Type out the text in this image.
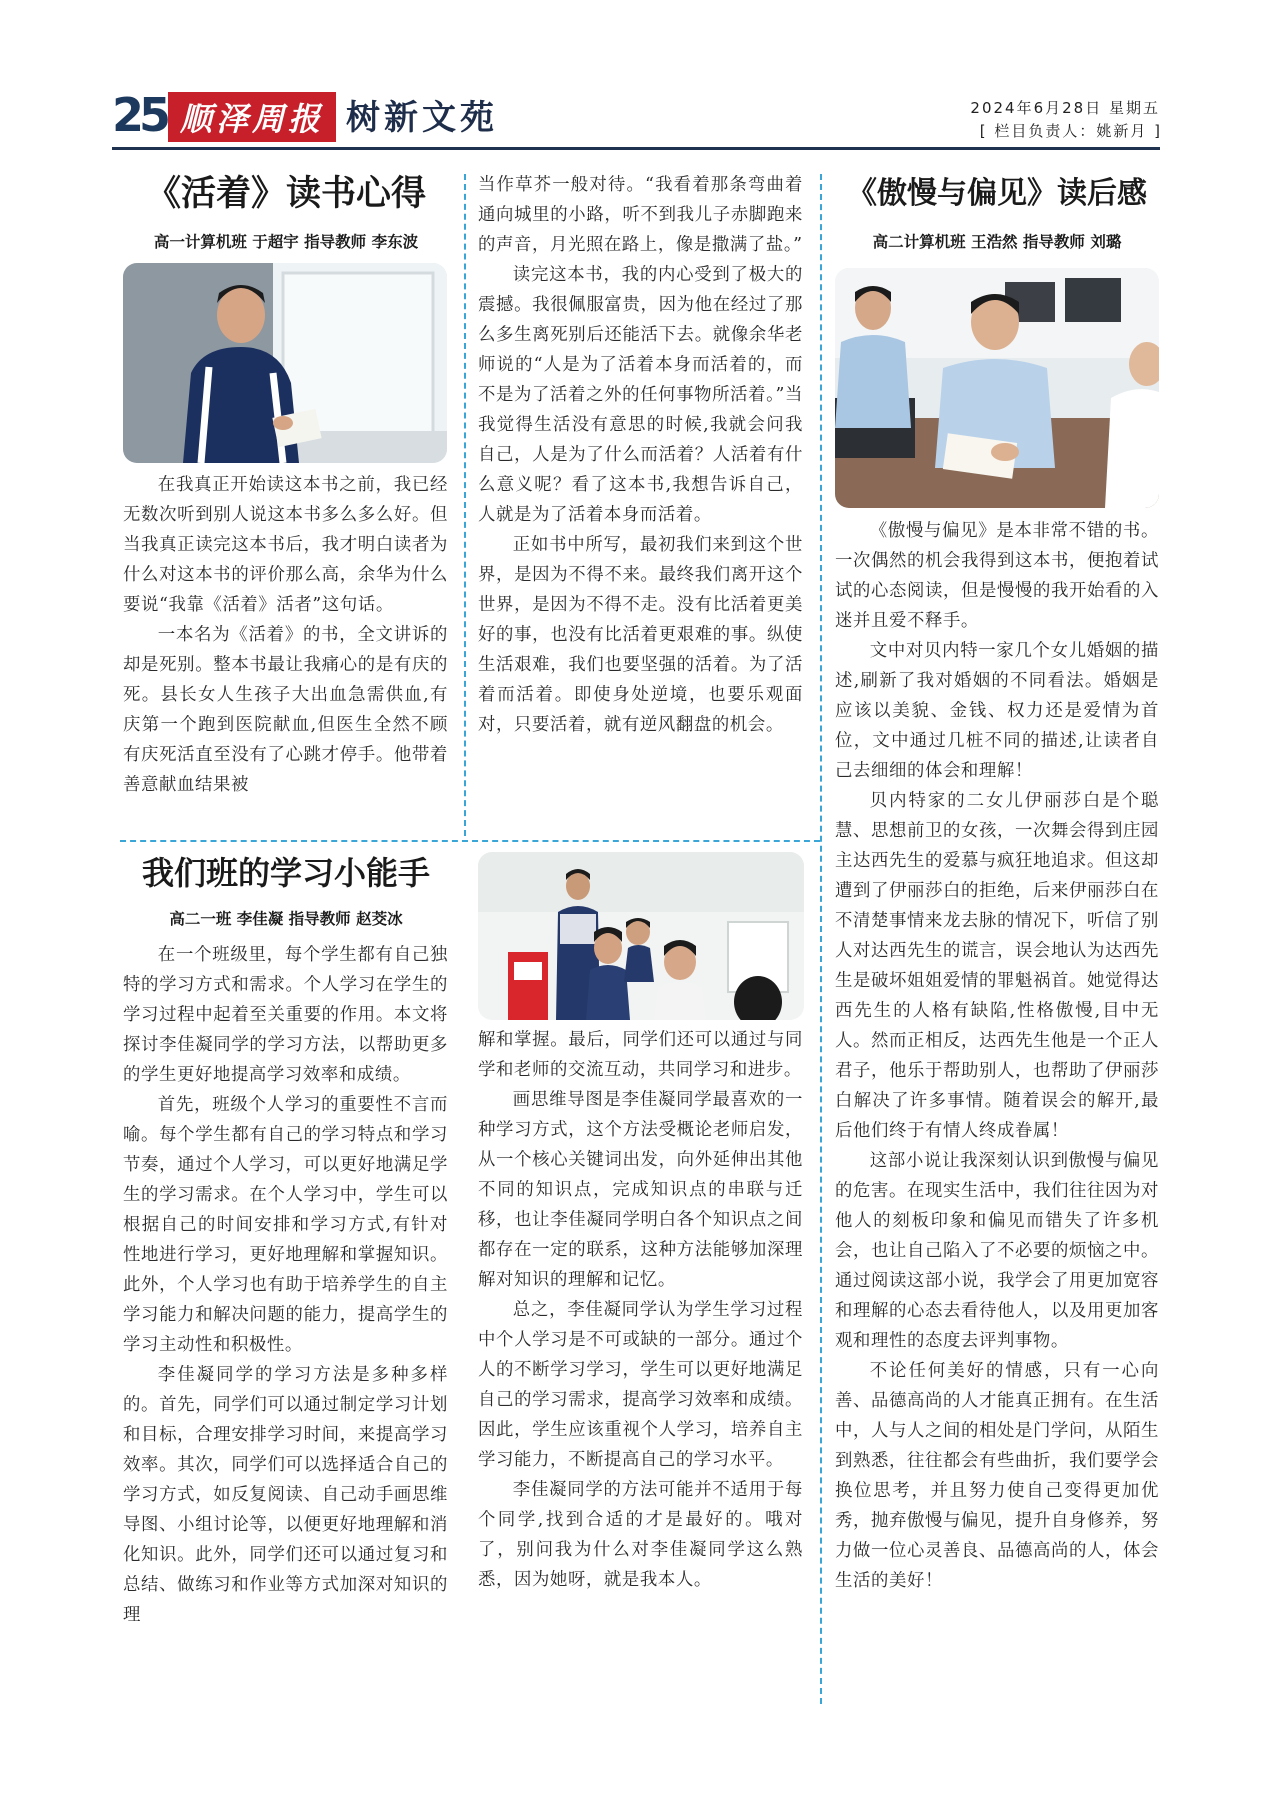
25 顺泽周报 树新文苑	2024年6月28日 星期五
[ 栏目负责人：姚新月 ]
《活着》读书心得
高一计算机班 于超宇 指导教师 李东波

在我真正开始读这本书之前，我已经无数次听到别人说这本书多么多么好。但当我真正读完这本书后，我才明白读者为什么对这本书的评价那么高，余华为什么要说“我靠《活着》活者”这句话。

一本名为《活着》的书，全文讲诉的却是死别。整本书最让我痛心的是有庆的死。县长女人生孩子大出血急需供血,有庆第一个跑到医院献血,但医生全然不顾有庆死活直至没有了心跳才停手。他带着善意献血结果被

当作草芥一般对待。“我看着那条弯曲着通向城里的小路，听不到我儿子赤脚跑来的声音，月光照在路上，像是撒满了盐。”

读完这本书，我的内心受到了极大的震撼。我很佩服富贵，因为他在经过了那么多生离死别后还能活下去。就像余华老师说的“人是为了活着本身而活着的，而不是为了活着之外的任何事物所活着。”当我觉得生活没有意思的时候,我就会问我自己，人是为了什么而活着？人活着有什么意义呢？看了这本书,我想告诉自己，人就是为了活着本身而活着。

正如书中所写，最初我们来到这个世界，是因为不得不来。最终我们离开这个世界，是因为不得不走。没有比活着更美好的事，也没有比活着更艰难的事。纵使生活艰难，我们也要坚强的活着。为了活着而活着。即使身处逆境，也要乐观面对，只要活着，就有逆风翻盘的机会。

我们班的学习小能手
高二一班 李佳凝 指导教师 赵茭冰

在一个班级里，每个学生都有自己独特的学习方式和需求。个人学习在学生的学习过程中起着至关重要的作用。本文将探讨李佳凝同学的学习方法，以帮助更多的学生更好地提高学习效率和成绩。

首先，班级个人学习的重要性不言而喻。每个学生都有自己的学习特点和学习节奏，通过个人学习，可以更好地满足学生的学习需求。在个人学习中，学生可以根据自己的时间安排和学习方式,有针对性地进行学习，更好地理解和掌握知识。此外，个人学习也有助于培养学生的自主学习能力和解决问题的能力，提高学生的学习主动性和积极性。

李佳凝同学的学习方法是多种多样的。首先，同学们可以通过制定学习计划和目标，合理安排学习时间，来提高学习效率。其次，同学们可以选择适合自己的学习方式，如反复阅读、自己动手画思维导图、小组讨论等，以便更好地理解和消化知识。此外，同学们还可以通过复习和总结、做练习和作业等方式加深对知识的理

解和掌握。最后，同学们还可以通过与同学和老师的交流互动，共同学习和进步。

画思维导图是李佳凝同学最喜欢的一种学习方式，这个方法受概论老师启发，从一个核心关键词出发，向外延伸出其他不同的知识点，完成知识点的串联与迁移，也让李佳凝同学明白各个知识点之间都存在一定的联系，这种方法能够加深理解对知识的理解和记忆。

总之，李佳凝同学认为学生学习过程中个人学习是不可或缺的一部分。通过个人的不断学习学习，学生可以更好地满足自己的学习需求，提高学习效率和成绩。因此，学生应该重视个人学习，培养自主学习能力，不断提高自己的学习水平。

李佳凝同学的方法可能并不适用于每个同学,找到合适的才是最好的。哦对了，别问我为什么对李佳凝同学这么熟悉，因为她呀，就是我本人。

《傲慢与偏见》读后感
高二计算机班 王浩然 指导教师 刘璐

《傲慢与偏见》是本非常不错的书。一次偶然的机会我得到这本书，便抱着试试的心态阅读，但是慢慢的我开始看的入迷并且爱不释手。

文中对贝内特一家几个女儿婚姻的描述,刷新了我对婚姻的不同看法。婚姻是应该以美貌、金钱、权力还是爱情为首位，文中通过几桩不同的描述,让读者自己去细细的体会和理解！

贝内特家的二女儿伊丽莎白是个聪慧、思想前卫的女孩，一次舞会得到庄园主达西先生的爱慕与疯狂地追求。但这却遭到了伊丽莎白的拒绝，后来伊丽莎白在不清楚事情来龙去脉的情况下，听信了别人对达西先生的谎言，误会地认为达西先生是破坏姐姐爱情的罪魁祸首。她觉得达西先生的人格有缺陷,性格傲慢,目中无人。然而正相反，达西先生他是一个正人君子，他乐于帮助别人，也帮助了伊丽莎白解决了许多事情。随着误会的解开,最后他们终于有情人终成眷属！

这部小说让我深刻认识到傲慢与偏见的危害。在现实生活中，我们往往因为对他人的刻板印象和偏见而错失了许多机会，也让自己陷入了不必要的烦恼之中。通过阅读这部小说，我学会了用更加宽容和理解的心态去看待他人，以及用更加客观和理性的态度去评判事物。

不论任何美好的情感，只有一心向善、品德高尚的人才能真正拥有。在生活中，人与人之间的相处是门学问，从陌生到熟悉，往往都会有些曲折，我们要学会换位思考，并且努力使自己变得更加优秀，抛弃傲慢与偏见，提升自身修养，努力做一位心灵善良、品德高尚的人，体会生活的美好！
